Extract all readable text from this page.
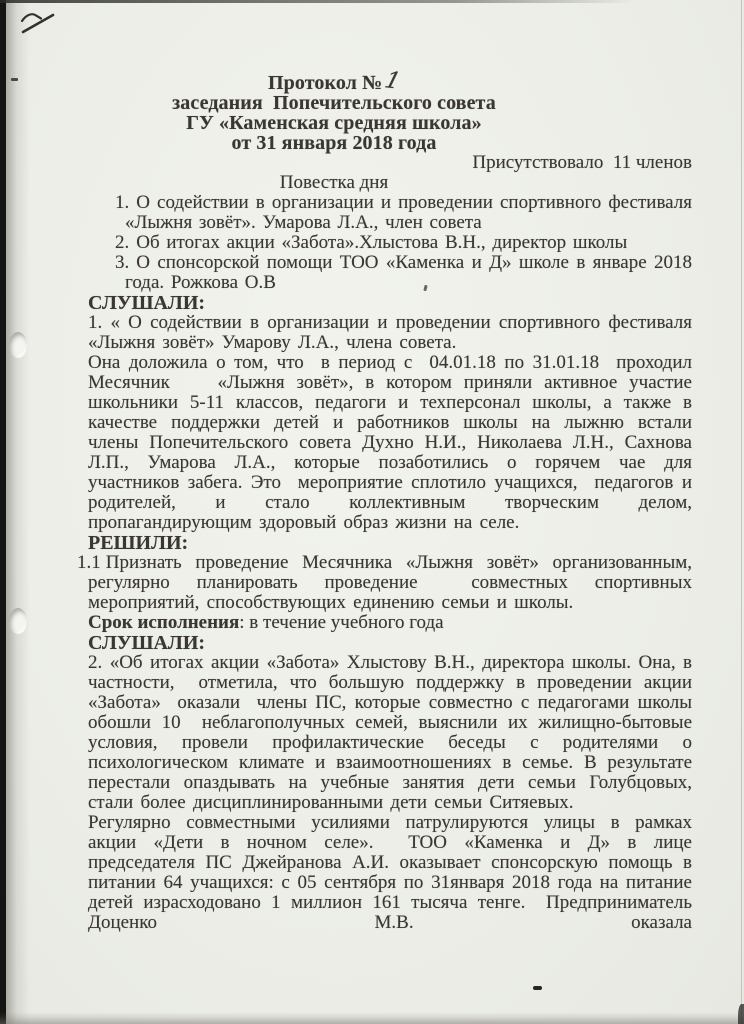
Протокол №1

заседания  Попечительского совета

ГУ «Каменская средняя школа»

от 31 января 2018 года

Присутствовало  11 членов

Повестка дня

1. О содействии в организации и проведении спортивного фестиваля «Лыжня зовёт». Умарова Л.А., член совета

2. Об итогах акции «Забота».Хлыстова В.Н., директор школы

3. О спонсорской помощи ТОО «Каменка и Д» школе в январе 2018 года. Рожкова О.В

СЛУШАЛИ:

1. « О содействии в организации и проведении спортивного фестиваля «Лыжня зовёт» Умарову Л.А., члена совета.

Она доложила о том, что  в период с  04.01.18 по 31.01.18  проходил Месячник    «Лыжня зовёт», в котором приняли активное участие школьники 5-11 классов, педагоги и техперсонал школы, а также в качестве поддержки детей и работников школы на лыжню встали члены Попечительского совета Духно Н.И., Николаева Л.Н., Сахнова Л.П., Умарова Л.А., которые позаботились о горячем чае для участников забега. Это  мероприятие сплотило учащихся,  педагогов и родителей, и стало коллективным творческим делом, пропагандирующим здоровый образ жизни на селе.

РЕШИЛИ:

1.1 Признать проведение Месячника «Лыжня зовёт» организованным, регулярно планировать проведение  совместных спортивных мероприятий, способствующих единению семьи и школы.

Срок исполнения: в течение учебного года

СЛУШАЛИ:

2. «Об итогах акции «Забота» Хлыстову В.Н., директора школы. Она, в частности,  отметила, что большую поддержку в проведении акции «Забота»  оказали  члены ПС, которые совместно с педагогами школы обошли 10  неблагополучных семей, выяснили их жилищно-бытовые условия, провели профилактические беседы с родителями о психологическом климате и взаимоотношениях в семье. В результате перестали опаздывать на учебные занятия дети семьи Голубцовых, стали более дисциплинированными дети семьи Ситяевых.

Регулярно совместными усилиями патрулируются улицы в рамках акции «Дети в ночном селе».  ТОО «Каменка и Д» в лице председателя ПС Джейранова А.И. оказывает спонсорскую помощь в питании 64 учащихся: с 05 сентября по 31января 2018 года на питание детей израсходовано 1 миллион 161 тысяча тенге.  Предприниматель Доценко М.В. оказала
